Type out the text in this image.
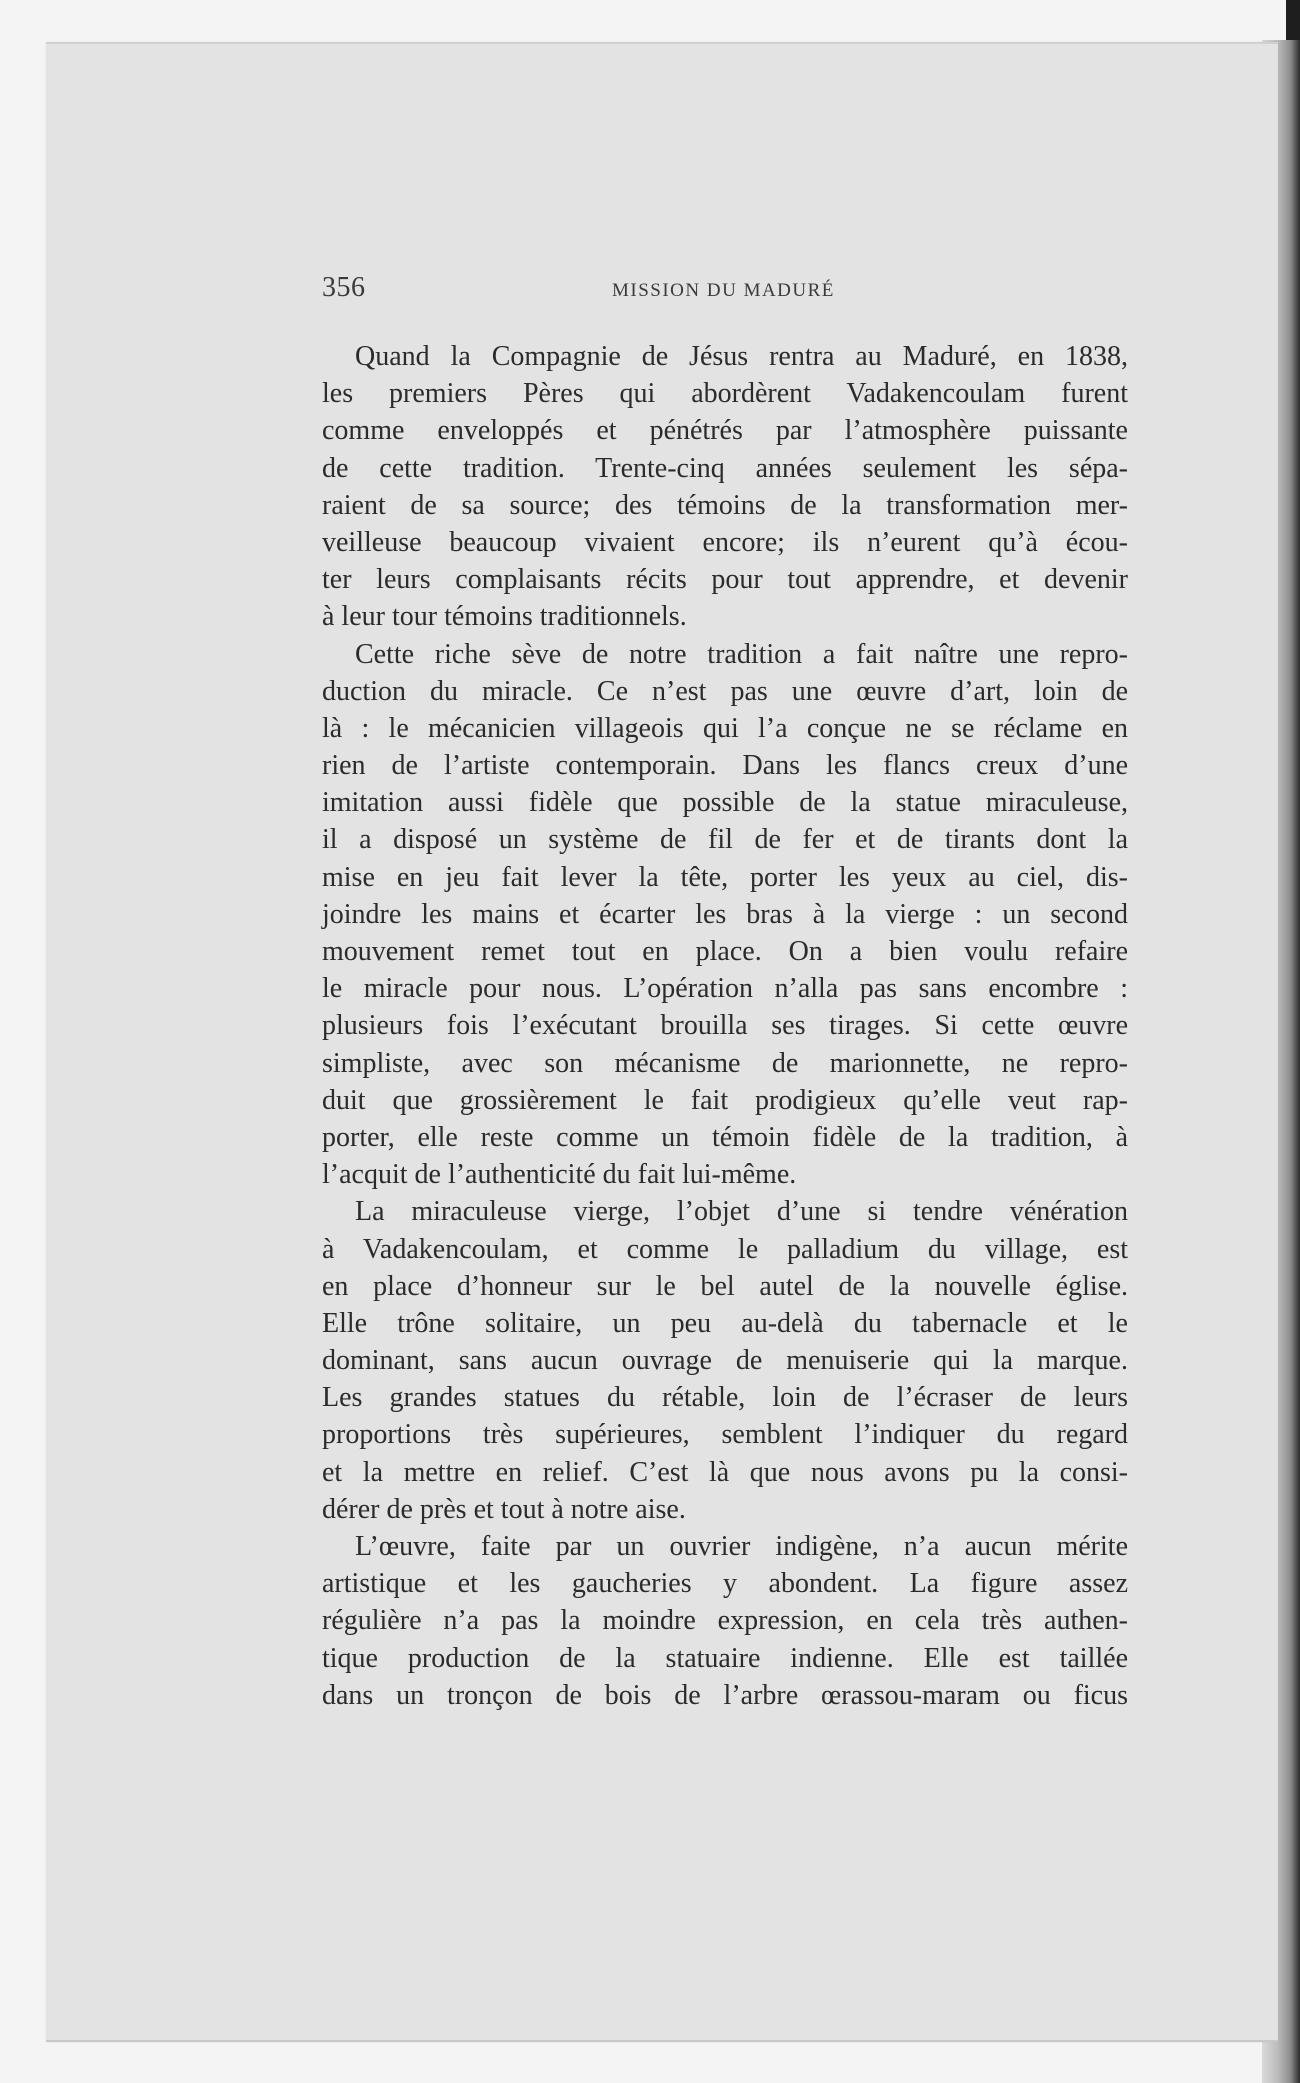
356	MISSION DU MADURÉ
Quand la Compagnie de Jésus rentra au Maduré, en 1838,
les premiers Pères qui abordèrent Vadakencoulam furent
comme enveloppés et pénétrés par l’atmosphère puissante
de cette tradition. Trente-cinq années seulement les sépa-
raient de sa source; des témoins de la transformation mer-
veilleuse beaucoup vivaient encore; ils n’eurent qu’à écou-
ter leurs complaisants récits pour tout apprendre, et devenir
à leur tour témoins traditionnels.
Cette riche sève de notre tradition a fait naître une repro-
duction du miracle. Ce n’est pas une œuvre d’art, loin de
là : le mécanicien villageois qui l’a conçue ne se réclame en
rien de l’artiste contemporain. Dans les flancs creux d’une
imitation aussi fidèle que possible de la statue miraculeuse,
il a disposé un système de fil de fer et de tirants dont la
mise en jeu fait lever la tête, porter les yeux au ciel, dis-
joindre les mains et écarter les bras à la vierge : un second
mouvement remet tout en place. On a bien voulu refaire
le miracle pour nous. L’opération n’alla pas sans encombre :
plusieurs fois l’exécutant brouilla ses tirages. Si cette œuvre
simpliste, avec son mécanisme de marionnette, ne repro-
duit que grossièrement le fait prodigieux qu’elle veut rap-
porter, elle reste comme un témoin fidèle de la tradition, à
l’acquit de l’authenticité du fait lui-même.
La miraculeuse vierge, l’objet d’une si tendre vénération
à Vadakencoulam, et comme le palladium du village, est
en place d’honneur sur le bel autel de la nouvelle église.
Elle trône solitaire, un peu au-delà du tabernacle et le
dominant, sans aucun ouvrage de menuiserie qui la marque.
Les grandes statues du rétable, loin de l’écraser de leurs
proportions très supérieures, semblent l’indiquer du regard
et la mettre en relief. C’est là que nous avons pu la consi-
dérer de près et tout à notre aise.
L’œuvre, faite par un ouvrier indigène, n’a aucun mérite
artistique et les gaucheries y abondent. La figure assez
régulière n’a pas la moindre expression, en cela très authen-
tique production de la statuaire indienne. Elle est taillée
dans un tronçon de bois de l’arbre œrassou-maram ou ficus
